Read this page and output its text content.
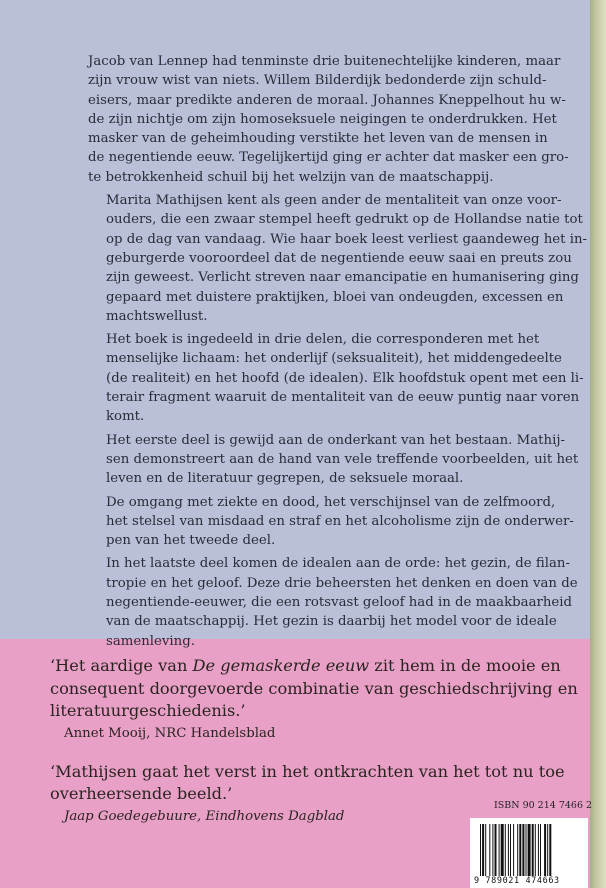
Jacob van Lennep had tenminste drie buitenechtelijke kinderen, maar
zijn vrouw wist van niets. Willem Bilderdijk bedonderde zijn schuld-
eisers, maar predikte anderen de moraal. Johannes Kneppelhout hu w-
de zijn nichtje om zijn homoseksuele neigingen te onderdrukken. Het
masker van de geheimhouding verstikte het leven van de mensen in
de negentiende eeuw. Tegelijkertijd ging er achter dat masker een gro-
te betrokkenheid schuil bij het welzijn van de maatschappij.

Marita Mathijsen kent als geen ander de mentaliteit van onze voor-
ouders, die een zwaar stempel heeft gedrukt op de Hollandse natie tot
op de dag van vandaag. Wie haar boek leest verliest gaandeweg het in-
geburgerde vooroordeel dat de negentiende eeuw saai en preuts zou
zijn geweest. Verlicht streven naar emancipatie en humanisering ging
gepaard met duistere praktijken, bloei van ondeugden, excessen en
machtswellust.

Het boek is ingedeeld in drie delen, die corresponderen met het
menselijke lichaam: het onderlijf (seksualiteit), het middengedeelte
(de realiteit) en het hoofd (de idealen). Elk hoofdstuk opent met een li-
terair fragment waaruit de mentaliteit van de eeuw puntig naar voren
komt.

Het eerste deel is gewijd aan de onderkant van het bestaan. Mathij-
sen demonstreert aan de hand van vele treffende voorbeelden, uit het
leven en de literatuur gegrepen, de seksuele moraal.

De omgang met ziekte en dood, het verschijnsel van de zelfmoord,
het stelsel van misdaad en straf en het alcoholisme zijn de onderwer-
pen van het tweede deel.

In het laatste deel komen de idealen aan de orde: het gezin, de filan-
tropie en het geloof. Deze drie beheersten het denken en doen van de
negentiende-eeuwer, die een rotsvast geloof had in de maakbaarheid
van de maatschappij. Het gezin is daarbij het model voor de ideale
samenleving.

‘Het aardige van De gemaskerde eeuw zit hem in de mooie en
consequent doorgevoerde combinatie van geschiedschrijving en
literatuurgeschiedenis.’
Annet Mooij, NRC Handelsblad
‘Mathijsen gaat het verst in het ontkrachten van het tot nu toe
overheersende beeld.’
Jaap Goedegebuure, Eindhovens Dagblad
ISBN 90 214 7466 2
9 789021 474663
